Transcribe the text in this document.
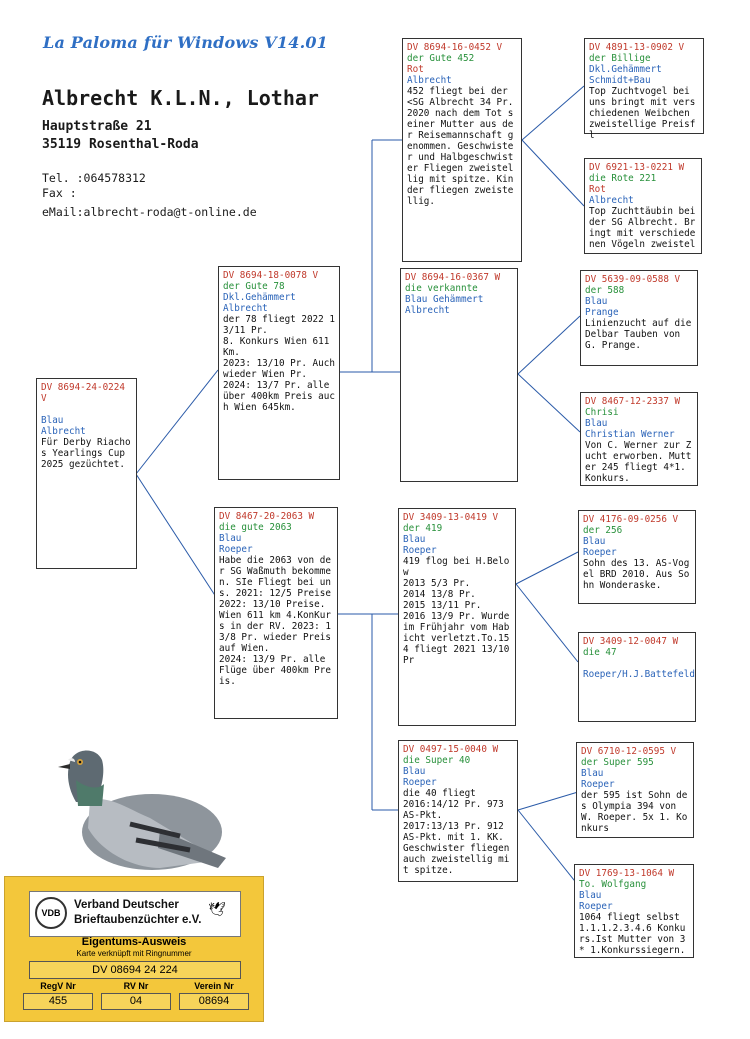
La Paloma für Windows V14.01
Albrecht K.L.N., Lothar
Hauptstraße 21
35119 Rosenthal-Roda
Tel. :064578312
Fax :
eMail:albrecht-roda@t-online.de
DV 8694-24-0224 V
Blau
Albrecht
Für Derby Riachos Yearlings Cup 2025 gezüchtet.
DV 8694-18-0078 V
der Gute 78
Dkl.Gehämmert
Albrecht
der 78 fliegt 2022 13/11 Pr.
8. Konkurs Wien 611 Km.
2023: 13/10 Pr. Auch wieder Wien Pr.
2024: 13/7 Pr. alle über 400km Preis auch Wien 645km.
DV 8467-20-2063 W
die gute 2063
Blau
Roeper
Habe die 2063 von der SG Waßmuth bekommen. SIe Fliegt bei uns. 2021: 12/5 Preise
2022: 13/10 Preise. Wien 611 km 4.KonKurs in der RV. 2023: 13/8 Pr. wieder Preis auf Wien.
2024: 13/9 Pr. alle Flüge über 400km Preis.
DV 8694-16-0452 V
der Gute 452
Rot
Albrecht
452 fliegt bei der <SG Albrecht 34 Pr. 2020 nach dem Tot seiner Mutter aus der Reisemannschaft genommen. Geschwister und Halbgeschwister Fliegen zweistellig mit spitze. Kinder fliegen zweistellig.
DV 8694-16-0367 W
die verkannte
Blau Gehämmert
Albrecht
DV 3409-13-0419 V
der 419
Blau
Roeper
419 flog bei H.Below
2013 5/3 Pr.
2014 13/8 Pr.
2015 13/11 Pr.
2016 13/9 Pr. Wurde im Frühjahr vom Habicht verletzt.To.154 fliegt 2021 13/10 Pr
DV 0497-15-0040 W
die Super 40
Blau
Roeper
die 40 fliegt
2016:14/12 Pr. 973 AS-Pkt.
2017:13/13 Pr. 912 AS-Pkt. mit 1. KK. Geschwister fliegen auch zweistellig mit spitze.
DV 4891-13-0902 V
der Billige
Dkl.Gehämmert
Schmidt+Bau
Top Zuchtvogel bei uns bringt mit verschiedenen Weibchen zweistellige Preisfl
DV 6921-13-0221 W
die Rote 221
Rot
Albrecht
Top Zuchttäubin bei der SG Albrecht. Bringt mit verschiedenen Vögeln zweistel
DV 5639-09-0588 V
der 588
Blau
Prange
Linienzucht auf die Delbar Tauben von G. Prange.
DV 8467-12-2337 W
Chrisi
Blau
Christian Werner
Von C. Werner zur Zucht erworben. Mutter 245 fliegt 4*1. Konkurs.
DV 4176-09-0256 V
der 256
Blau
Roeper
Sohn des 13. AS-Vogel BRD 2010. Aus Sohn Wonderaske.
DV 3409-12-0047 W
die 47
Roeper/H.J.Battefeld
DV 6710-12-0595 V
der Super 595
Blau
Roeper
der 595 ist Sohn des Olympia 394 von W. Roeper. 5x 1. Konkurs
DV 1769-13-1064 W
To. Wolfgang
Blau
Roeper
1064 fliegt selbst 1.1.1.2.3.4.6 Konkurs.Ist Mutter von 3* 1.Konkurssiegern.
VDB
Verband Deutscher
Brieftaubenzüchter e.V.
🕊
Eigentums-Ausweis
Karte verknüpft mit Ringnummer
DV 08694 24 224
RegV Nr
455
RV Nr
04
Verein Nr
08694
